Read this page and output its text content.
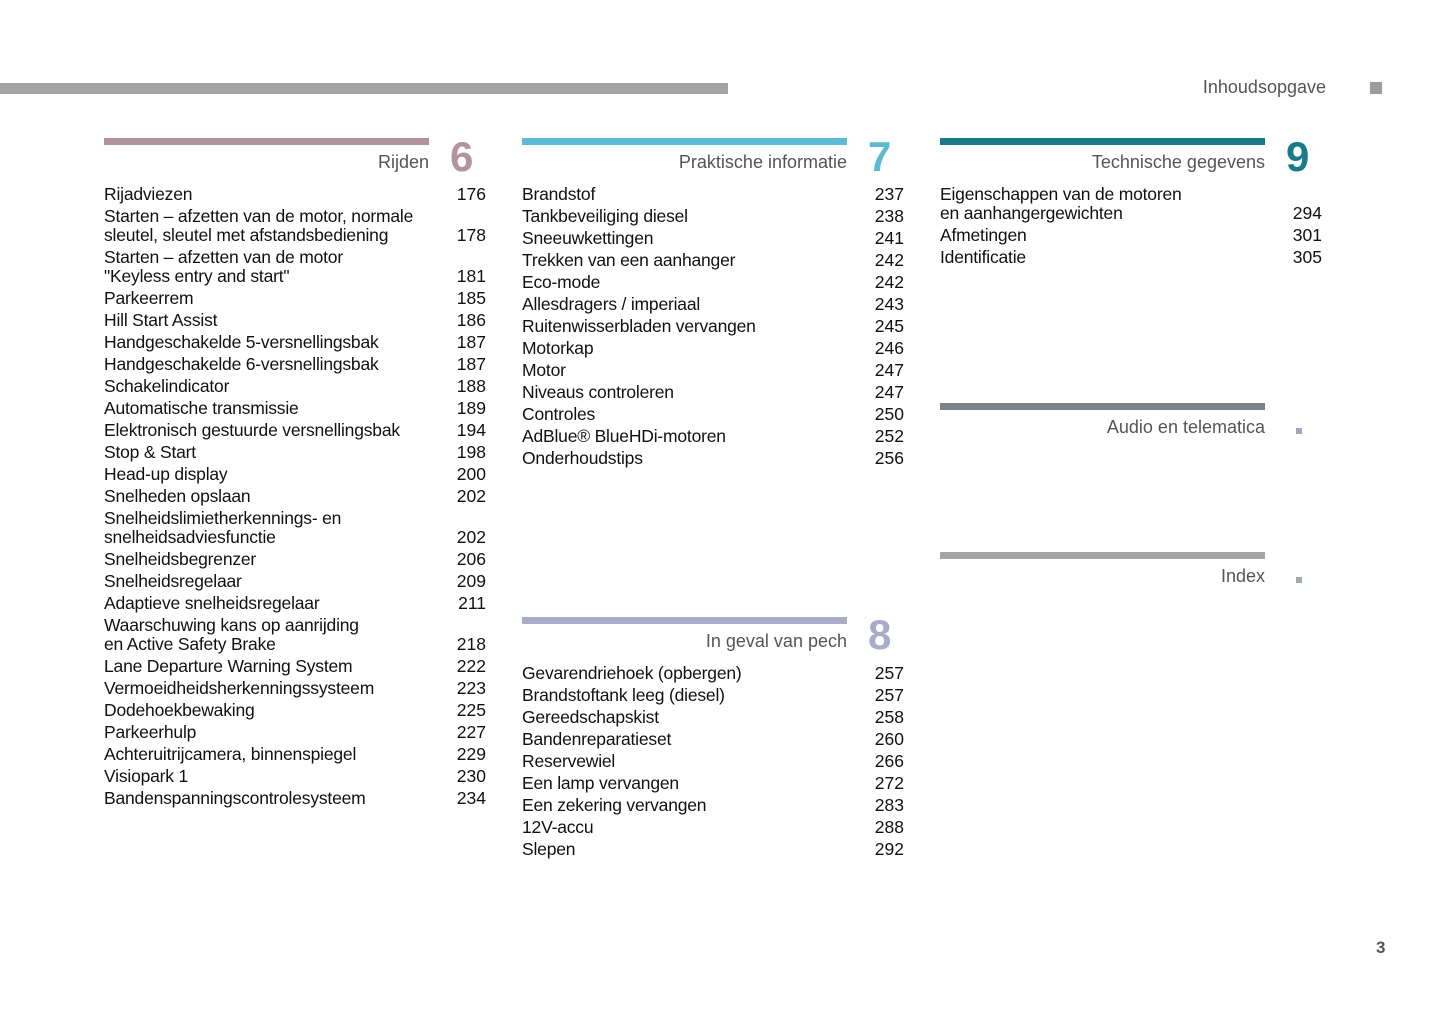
Inhoudsopgave
Rijden 6
Rijadviezen	176
Starten – afzetten van de motor, normale
sleutel, sleutel met afstandsbediening	178
Starten – afzetten van de motor
"Keyless entry and start"	181
Parkeerrem	185
Hill Start Assist	186
Handgeschakelde 5-versnellingsbak	187
Handgeschakelde 6-versnellingsbak	187
Schakelindicator	188
Automatische transmissie	189
Elektronisch gestuurde versnellingsbak	194
Stop & Start	198
Head-up display	200
Snelheden opslaan	202
Snelheidslimietherkennings- en
snelheidsadviesfunctie	202
Snelheidsbegrenzer	206
Snelheidsregelaar	209
Adaptieve snelheidsregelaar	211
Waarschuwing kans op aanrijding
en Active Safety Brake	218
Lane Departure Warning System	222
Vermoeidheidsherkenningssysteem	223
Dodehoekbewaking	225
Parkeerhulp	227
Achteruitrijcamera, binnenspiegel	229
Visiopark 1	230
Bandenspanningscontrolesysteem	234
Praktische informatie 7
Brandstof	237
Tankbeveiliging diesel	238
Sneeuwkettingen	241
Trekken van een aanhanger	242
Eco-mode	242
Allesdragers / imperiaal	243
Ruitenwisserbladen vervangen	245
Motorkap	246
Motor	247
Niveaus controleren	247
Controles	250
AdBlue® BlueHDi-motoren	252
Onderhoudstips	256
In geval van pech 8
Gevarendriehoek (opbergen)	257
Brandstoftank leeg (diesel)	257
Gereedschapskist	258
Bandenreparatieset	260
Reservewiel	266
Een lamp vervangen	272
Een zekering vervangen	283
12V-accu	288
Slepen	292
Technische gegevens 9
Eigenschappen van de motoren
en aanhangergewichten	294
Afmetingen	301
Identificatie	305
Audio en telematica
Index
3
